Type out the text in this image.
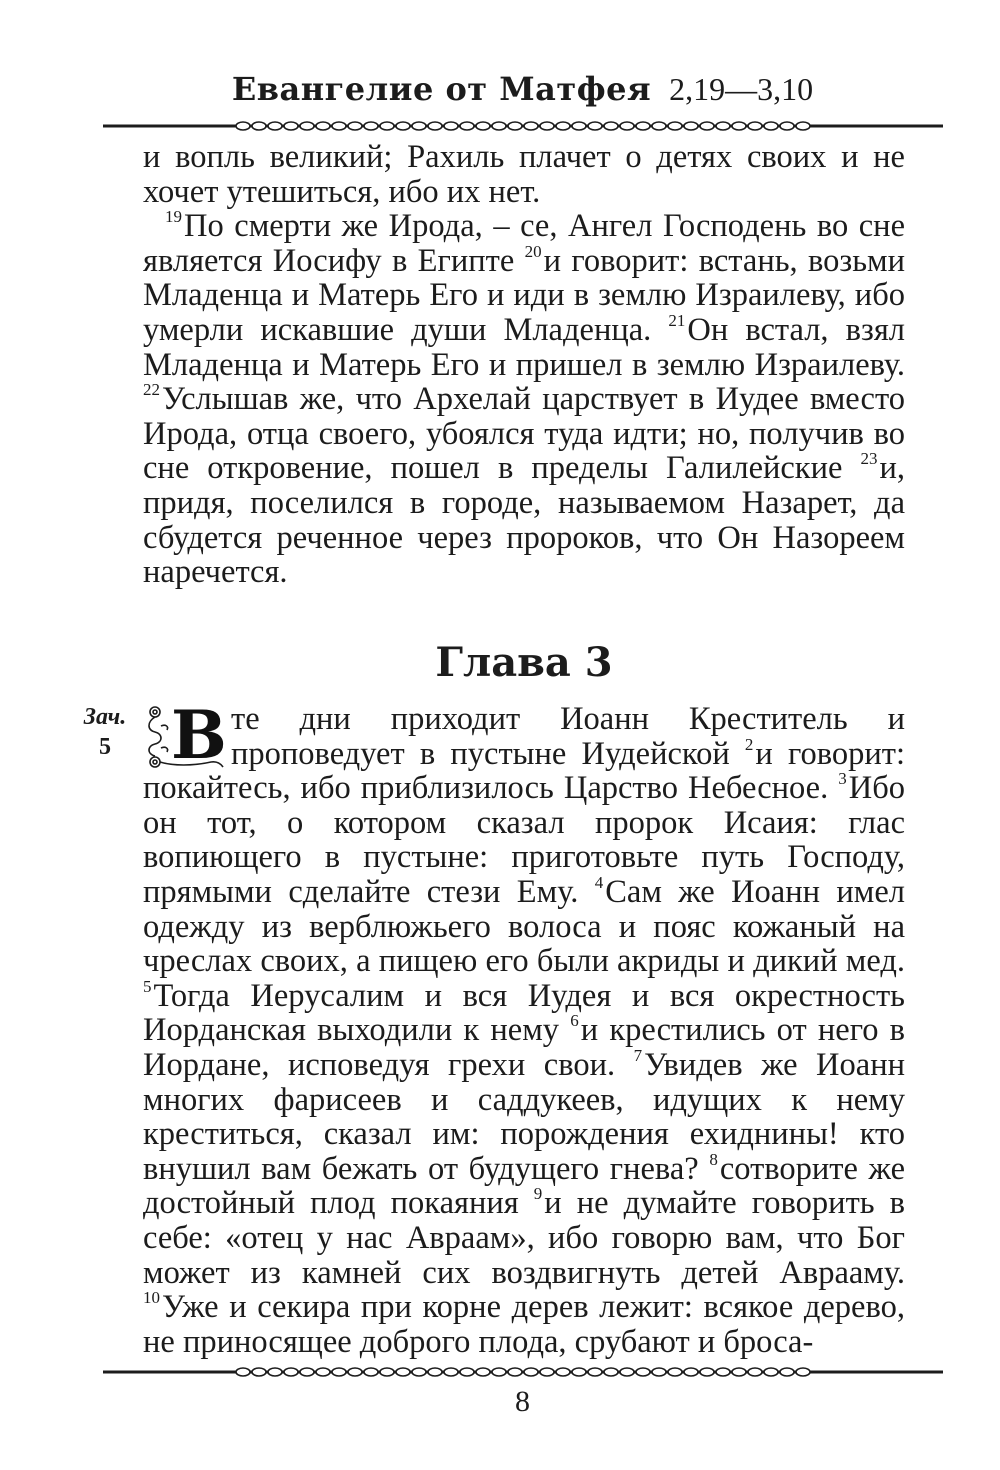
Евангелие от Матфея 2,19—3,10

и вопль великий; Рахиль плачет о детях своих и не хочет утешиться, ибо их нет.

$^{19}$По смерти же Ирода, – се, Ангел Господень во сне является Иосифу в Египте $^{20}$и говорит: встань, возьми Младенца и Матерь Его и иди в землю Израилеву, ибо умерли искавшие души Младенца. $^{21}$Он встал, взял Младенца и Матерь Его и пришел в землю Израилеву. $^{22}$Услышав же, что Архелай царствует в Иудее вместо Ирода, отца своего, убоялся туда идти; но, получив во сне откровение, пошел в пределы Галилейские $^{23}$и, придя, поселился в городе, называемом Назарет, да сбудется реченное через пророков, что Он Назореем наречется.

Глава 3
Зач.
5 В те дни приходит Иоанн Креститель и проповедует в пустыне Иудейской $^2$и говорит: покайтесь, ибо приблизилось Царство Небесное. $^3$Ибо он тот, о котором сказал пророк Исаия: глас вопиющего в пустыне: приготовьте путь Господу, прямыми сделайте стези Ему. $^4$Сам же Иоанн имел одежду из верблюжьего волоса и пояс кожаный на чреслах своих, а пищею его были акриды и дикий мед. $^5$Тогда Иерусалим и вся Иудея и вся окрестность Иорданская выходили к нему $^6$и крестились от него в Иордане, исповедуя грехи свои. $^7$Увидев же Иоанн многих фарисеев и саддукеев, идущих к нему креститься, сказал им: порождения ехиднины! кто внушил вам бежать от будущего гнева? $^8$сотворите же достойный плод покаяния $^9$и не думайте говорить в себе: «отец у нас Авраам», ибо говорю вам, что Бог может из камней сих воздвигнуть детей Аврааму. $^{10}$Уже и секира при корне дерев лежит: всякое дерево, не приносящее доброго плода, срубают и броса-

8
